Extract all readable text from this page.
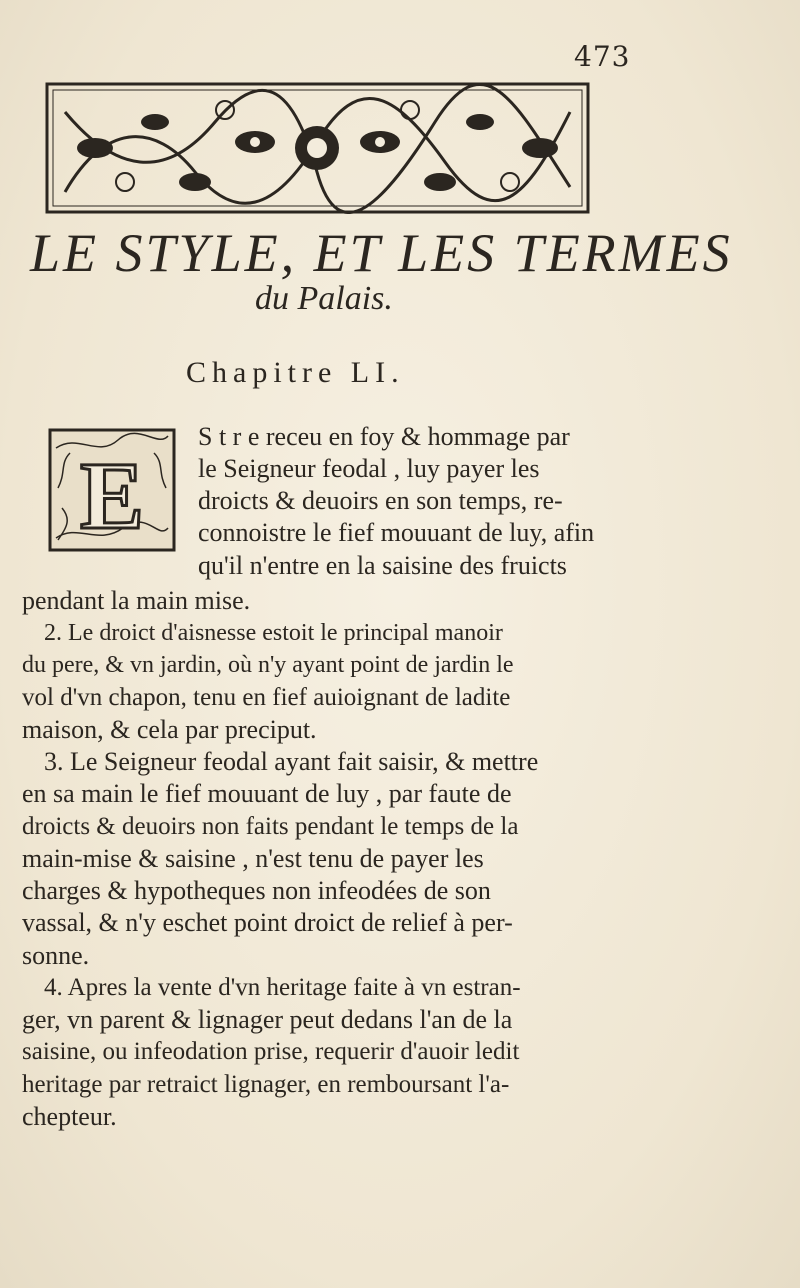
473
LE STYLE, ET LES TERMES
du Palais.
Chapitre LI.
E
S t r e receu en foy & hommage par
le Seigneur feodal , luy payer les
droicts & deuoirs en son temps, re-
connoistre le fief mouuant de luy, afin
qu'il n'entre en la saisine des fruicts
pendant la main mise.
2. Le droict d'aisnesse estoit le principal manoir
du pere, & vn jardin, où n'y ayant point de jardin le
vol d'vn chapon, tenu en fief auioignant de ladite
maison, & cela par preciput.
3. Le Seigneur feodal ayant fait saisir, & mettre
en sa main le fief mouuant de luy , par faute de
droicts & deuoirs non faits pendant le temps de la
main-mise & saisine , n'est tenu de payer les
charges & hypotheques non infeodées de son
vassal, & n'y eschet point droict de relief à per-
sonne.
4. Apres la vente d'vn heritage faite à vn estran-
ger, vn parent & lignager peut dedans l'an de la
saisine, ou infeodation prise, requerir d'auoir ledit
heritage par retraict lignager, en remboursant l'a-
chepteur.
